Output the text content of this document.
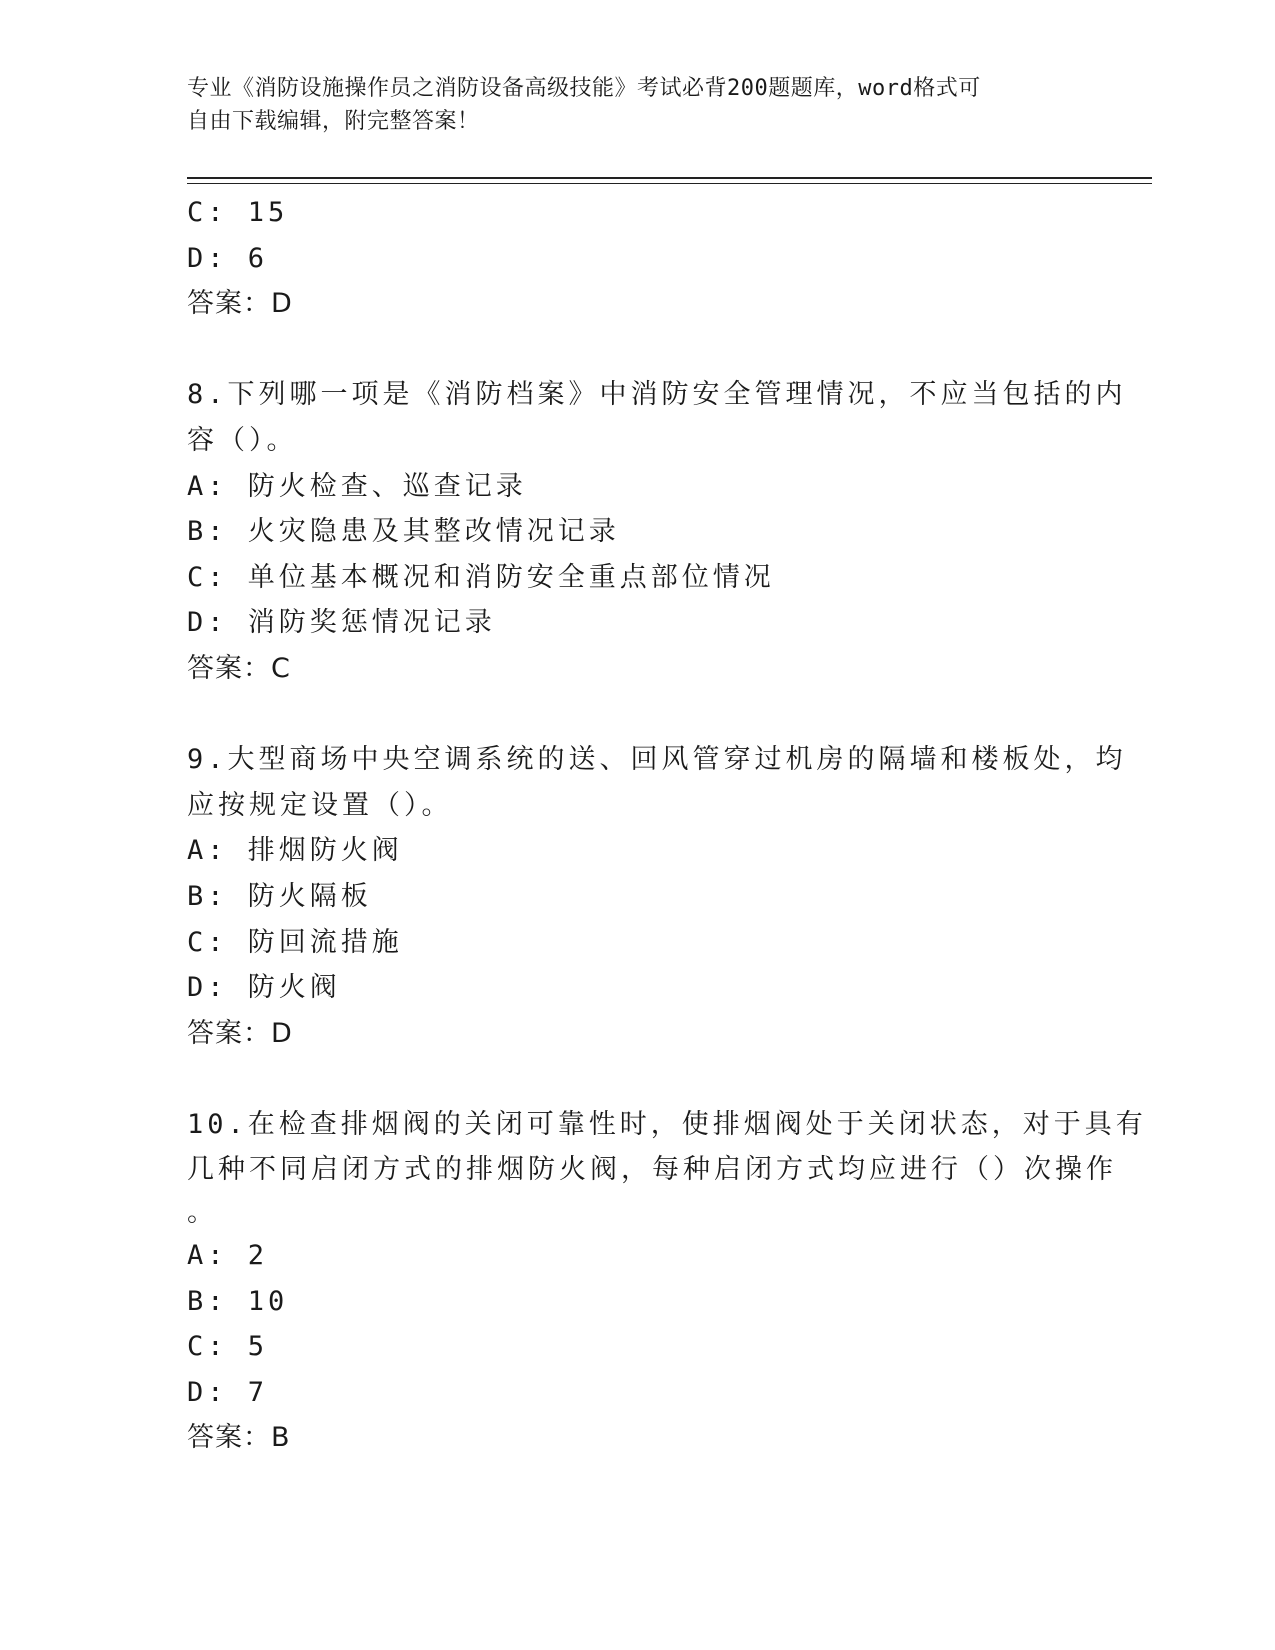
专业《消防设施操作员之消防设备高级技能》考试必背200题题库，word格式可
自由下载编辑，附完整答案！
C: 15
D: 6
答案：D
8.下列哪一项是《消防档案》中消防安全管理情况，不应当包括的内
容（）。
A: 防火检查、巡查记录
B: 火灾隐患及其整改情况记录
C: 单位基本概况和消防安全重点部位情况
D: 消防奖惩情况记录
答案：C
9.大型商场中央空调系统的送、回风管穿过机房的隔墙和楼板处，均
应按规定设置（）。
A: 排烟防火阀
B: 防火隔板
C: 防回流措施
D: 防火阀
答案：D
10.在检查排烟阀的关闭可靠性时，使排烟阀处于关闭状态，对于具有
几种不同启闭方式的排烟防火阀，每种启闭方式均应进行（）次操作
。
A: 2
B: 10
C: 5
D: 7
答案：B
